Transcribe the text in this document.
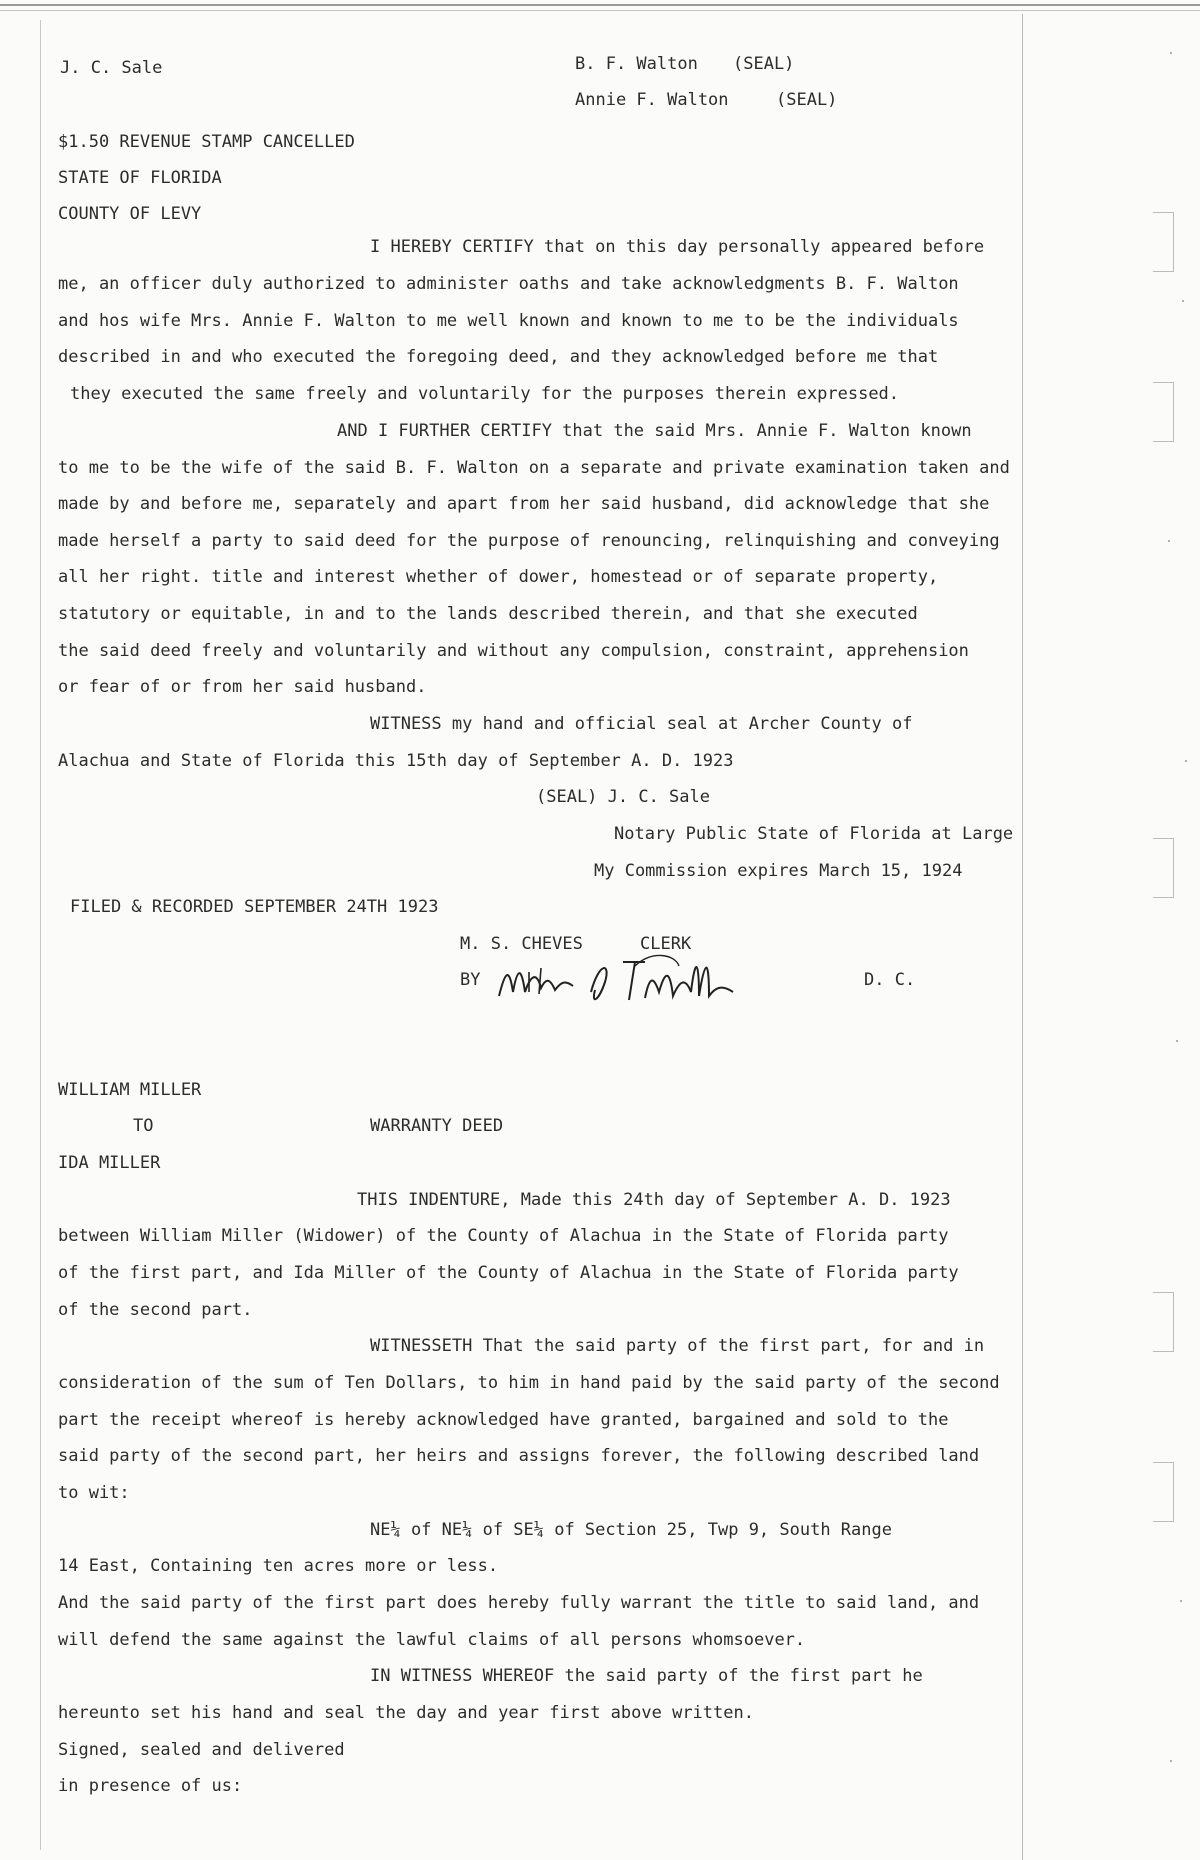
J. C. Sale	B. F. Walton (SEAL)
Annie F. Walton	(SEAL)
$1.50 REVENUE STAMP CANCELLED
STATE OF FLORIDA
COUNTY OF LEVY
I HEREBY CERTIFY that on this day personally appeared before
me, an officer duly authorized to administer oaths and take acknowledgments B. F. Walton
and hos wife Mrs. Annie F. Walton to me well known and known to me to be the individuals
described in and who executed the foregoing deed, and they acknowledged before me that
they executed the same freely and voluntarily for the purposes therein expressed.
AND I FURTHER CERTIFY that the said Mrs. Annie F. Walton known
to me to be the wife of the said B. F. Walton on a separate and private examination taken and
made by and before me, separately and apart from her said husband, did acknowledge that she
made herself a party to said deed for the purpose of renouncing, relinquishing and conveying
all her right. title and interest whether of dower, homestead or of separate property,
statutory or equitable, in and to the lands described therein, and that she executed
the said deed freely and voluntarily and without any compulsion, constraint, apprehension
or fear of or from her said husband.
WITNESS my hand and official seal at Archer County of
Alachua and State of Florida this 15th day of September A. D. 1923
(SEAL) J. C. Sale
Notary Public State of Florida at Large
My Commission expires March 15, 1924
FILED & RECORDED SEPTEMBER 24TH 1923
M. S. CHEVES	CLERK
BY	D. C.
WILLIAM MILLER
TO	WARRANTY DEED
IDA MILLER
THIS INDENTURE, Made this 24th day of September A. D. 1923
between William Miller (Widower) of the County of Alachua in the State of Florida party
of the first part, and Ida Miller of the County of Alachua in the State of Florida party
of the second part.
WITNESSETH That the said party of the first part, for and in
consideration of the sum of Ten Dollars, to him in hand paid by the said party of the second
part the receipt whereof is hereby acknowledged have granted, bargained and sold to the
said party of the second part, her heirs and assigns forever, the following described land
to wit:
NE¼ of NE¼ of SE¼ of Section 25, Twp 9, South Range
14 East, Containing ten acres more or less.
And the said party of the first part does hereby fully warrant the title to said land, and
will defend the same against the lawful claims of all persons whomsoever.
IN WITNESS WHEREOF the said party of the first part he
hereunto set his hand and seal the day and year first above written.
Signed, sealed and delivered
in presence of us:
